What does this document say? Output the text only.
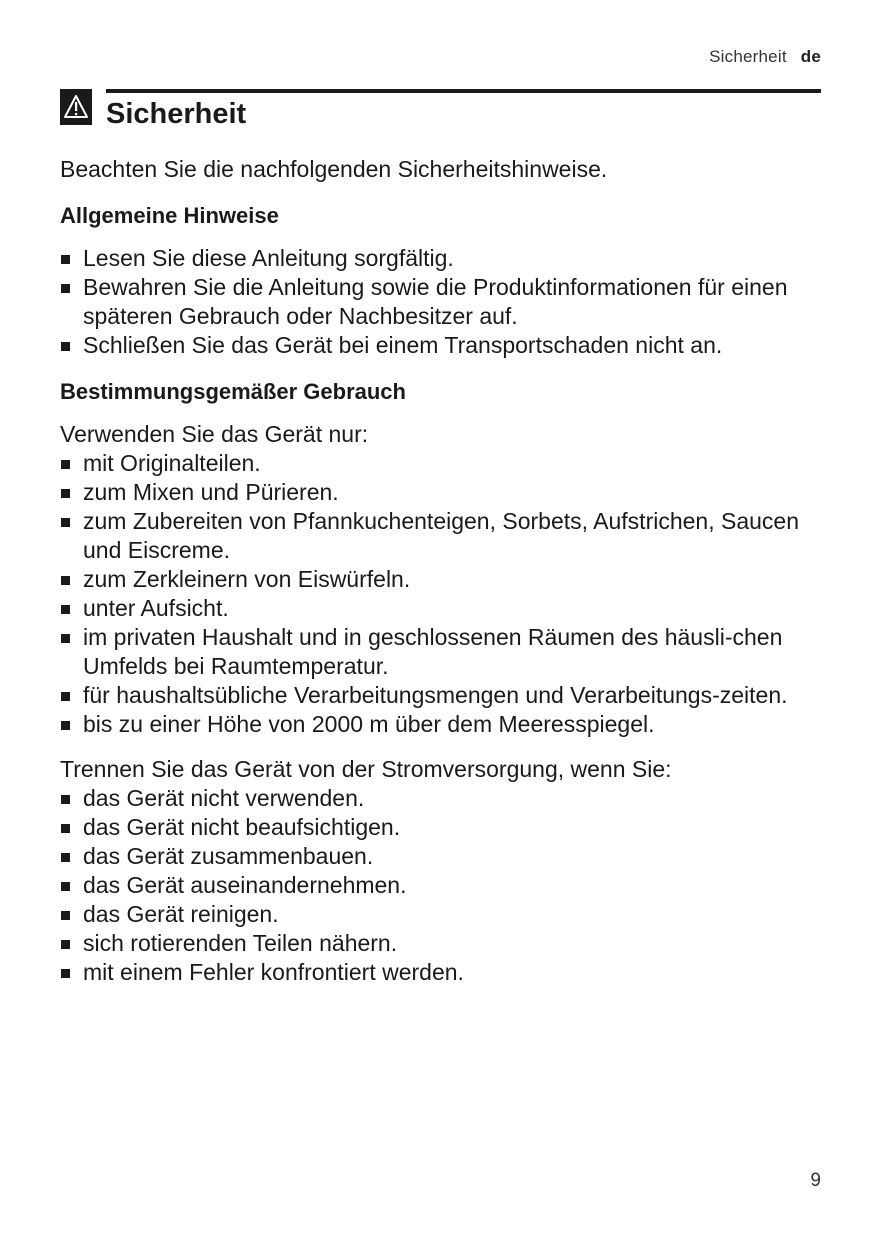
Sicherheit de
Sicherheit

Beachten Sie die nachfolgenden Sicherheitshinweise.

Allgemeine Hinweise
Lesen Sie diese Anleitung sorgfältig.
Bewahren Sie die Anleitung sowie die Produktinformationen für einen späteren Gebrauch oder Nachbesitzer auf.
Schließen Sie das Gerät bei einem Transportschaden nicht an.
Bestimmungsgemäßer Gebrauch

Verwenden Sie das Gerät nur:

mit Originalteilen.
zum Mixen und Pürieren.
zum Zubereiten von Pfannkuchenteigen, Sorbets, Aufstrichen, Saucen und Eiscreme.
zum Zerkleinern von Eiswürfeln.
unter Aufsicht.
im privaten Haushalt und in geschlossenen Räumen des häusli-chen Umfelds bei Raumtemperatur.
für haushaltsübliche Verarbeitungsmengen und Verarbeitungs-zeiten.
bis zu einer Höhe von 2000 m über dem Meeresspiegel.

Trennen Sie das Gerät von der Stromversorgung, wenn Sie:

das Gerät nicht verwenden.
das Gerät nicht beaufsichtigen.
das Gerät zusammenbauen.
das Gerät auseinandernehmen.
das Gerät reinigen.
sich rotierenden Teilen nähern.
mit einem Fehler konfrontiert werden.
9
